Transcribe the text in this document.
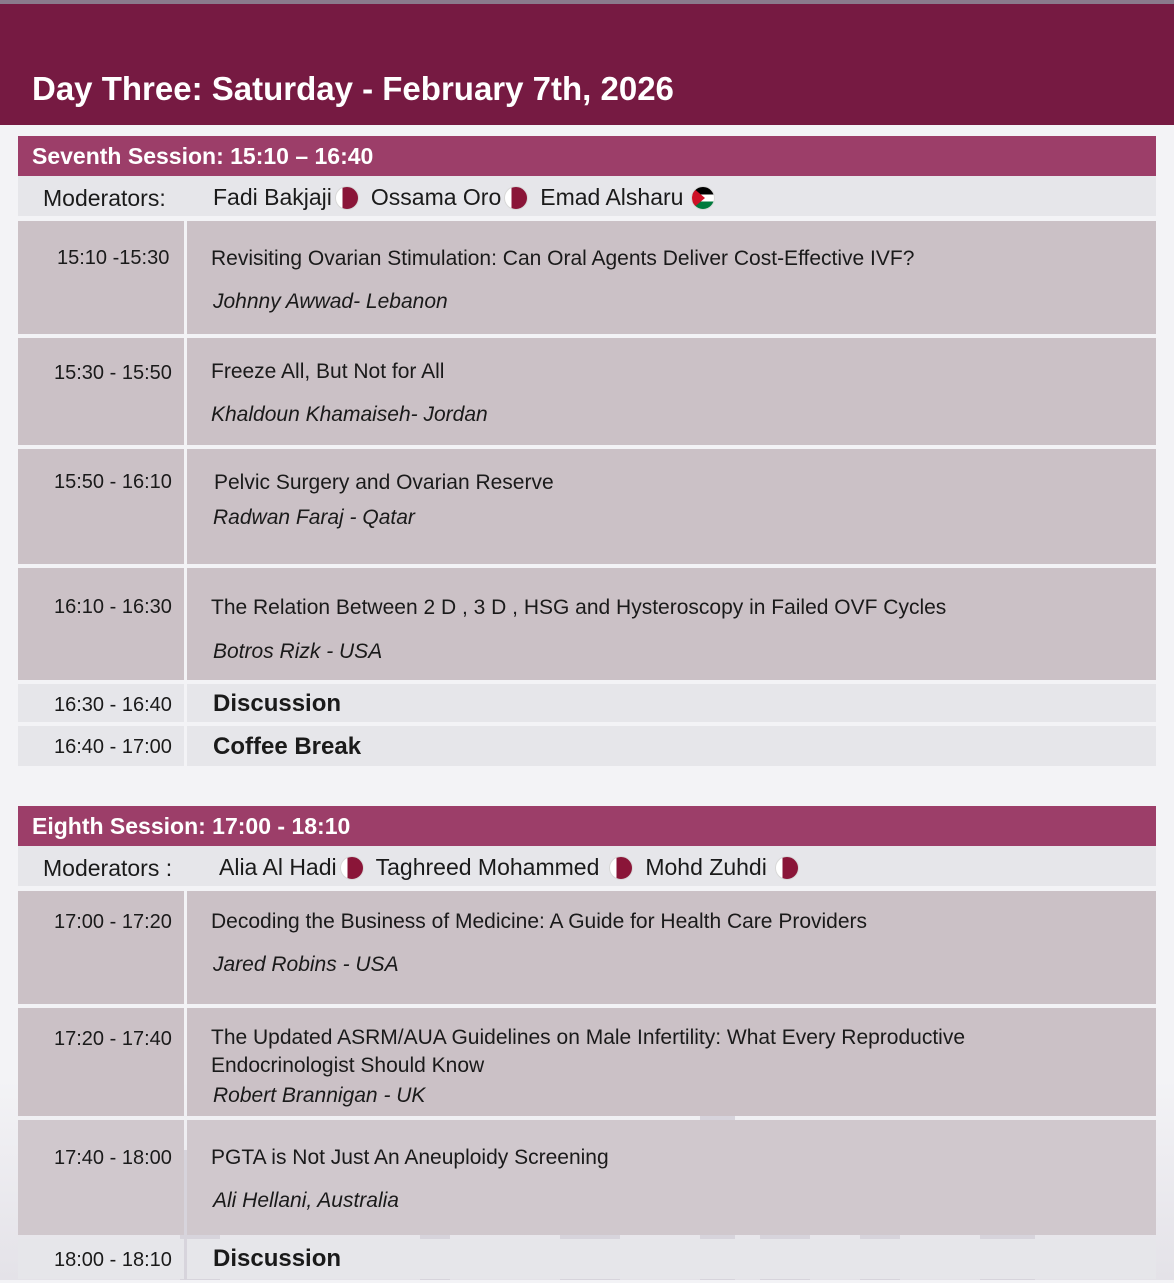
Day Three: Saturday - February 7th, 2026
Seventh Session: 15:10 – 16:40
Moderators: Fadi Bakjaji Ossama Oro Emad Alsharu
15:10 -15:30 Revisiting Ovarian Stimulation: Can Oral Agents Deliver Cost-Effective IVF?
Johnny Awwad- Lebanon
15:30 - 15:50 Freeze All, But Not for All
Khaldoun Khamaiseh- Jordan
15:50 - 16:10 Pelvic Surgery and Ovarian Reserve
Radwan Faraj - Qatar
16:10 - 16:30 The Relation Between 2 D , 3 D , HSG and Hysteroscopy in Failed OVF Cycles
Botros Rizk - USA
16:30 - 16:40 Discussion
16:40 - 17:00 Coffee Break
Eighth Session: 17:00 - 18:10
Moderators : Alia Al Hadi Taghreed Mohammed Mohd Zuhdi
17:00 - 17:20 Decoding the Business of Medicine: A Guide for Health Care Providers
Jared Robins - USA
17:20 - 17:40 The Updated ASRM/AUA Guidelines on Male Infertility: What Every Reproductive
Endocrinologist Should Know
Robert Brannigan - UK
17:40 - 18:00 PGTA is Not Just An Aneuploidy Screening
Ali Hellani, Australia
18:00 - 18:10 Discussion
